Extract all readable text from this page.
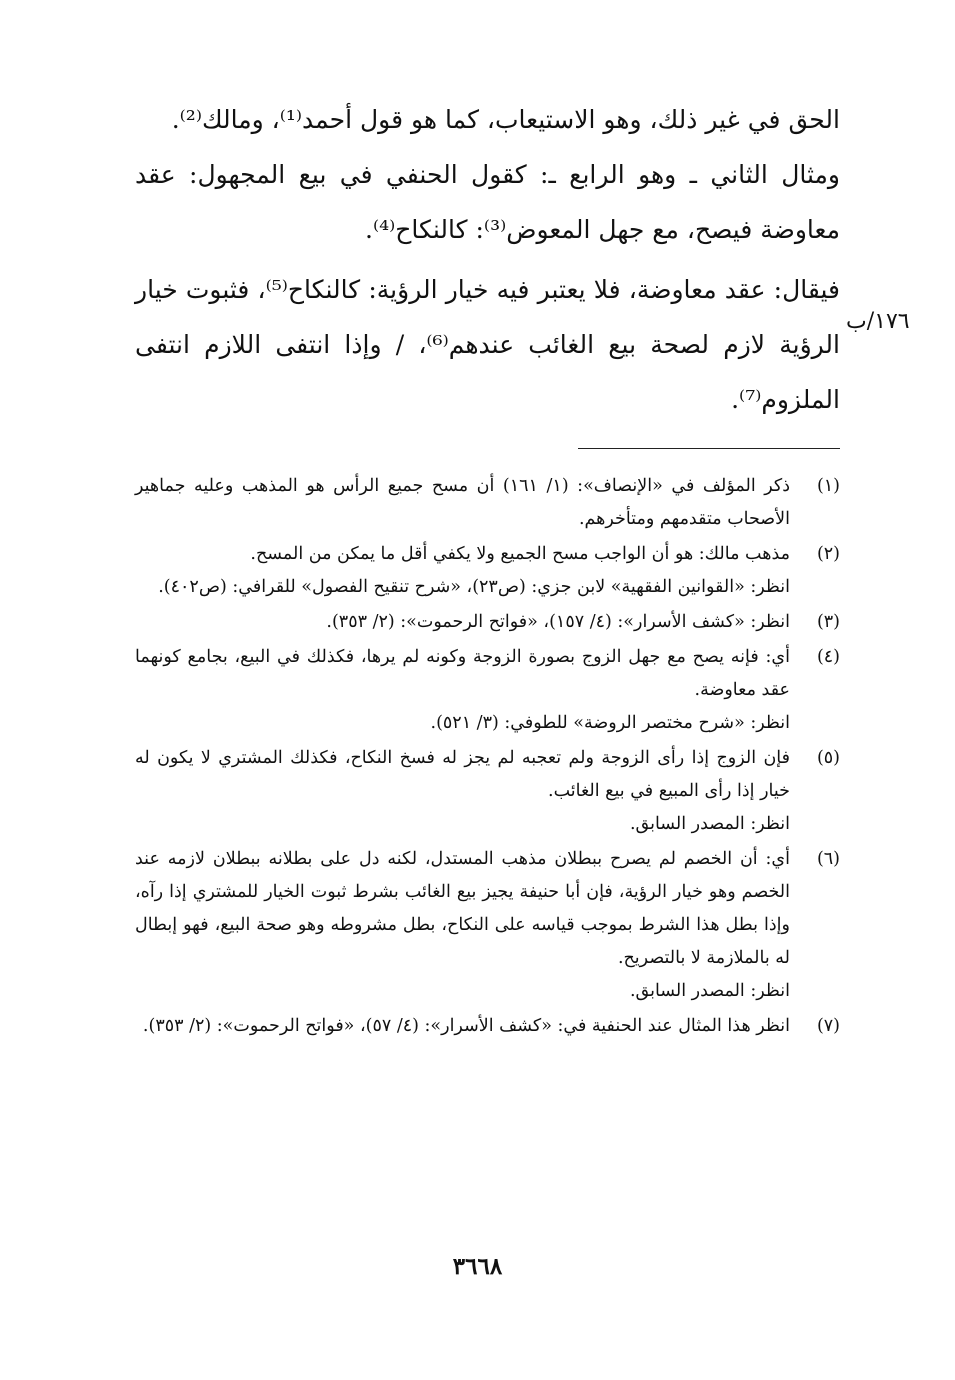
الحق في غير ذلك، وهو الاستيعاب، كما هو قول أحمد⁽¹⁾، ومالك⁽²⁾.

ومثال الثاني ـ وهو الرابع ـ: كقول الحنفي في بيع المجهول: عقد معاوضة فيصح، مع جهل المعوض⁽³⁾: كالنكاح⁽⁴⁾.

فيقال: عقد معاوضة، فلا يعتبر فيه خيار الرؤية: كالنكاح⁽⁵⁾، فثبوت خيار الرؤية لازم لصحة بيع الغائب عندهم⁽⁶⁾، / وإذا انتفى اللازم انتفى الملزوم⁽⁷⁾.

١٧٦/ب
(١)

ذكر المؤلف في «الإنصاف»: (١/ ١٦١) أن مسح جميع الرأس هو المذهب وعليه جماهير الأصحاب متقدمهم ومتأخرهم.

(٢)

مذهب مالك: هو أن الواجب مسح الجميع ولا يكفي أقل ما يمكن من المسح.

انظر: «القوانين الفقهية» لابن جزي: (ص٢٣)، «شرح تنقيح الفصول» للقرافي: (ص٤٠٢).

(٣)

انظر: «كشف الأسرار»: (٤/ ١٥٧)، «فواتح الرحموت»: (٢/ ٣٥٣).

(٤)

أي: فإنه يصح مع جهل الزوج بصورة الزوجة وكونه لم يرها، فكذلك في البيع، بجامع كونهما عقد معاوضة.

انظر: «شرح مختصر الروضة» للطوفي: (٣/ ٥٢١).

(٥)

فإن الزوج إذا رأى الزوجة ولم تعجبه لم يجز له فسخ النكاح، فكذلك المشتري لا يكون له خيار إذا رأى المبيع في بيع الغائب.

انظر: المصدر السابق.

(٦)

أي: أن الخصم لم يصرح ببطلان مذهب المستدل، لكنه دل على بطلانه ببطلان لازمه عند الخصم وهو خيار الرؤية، فإن أبا حنيفة يجيز بيع الغائب بشرط ثبوت الخيار للمشتري إذا رآه، وإذا بطل هذا الشرط بموجب قياسه على النكاح، بطل مشروطه وهو صحة البيع، فهو إبطال له بالملازمة لا بالتصريح.

انظر: المصدر السابق.

(٧)

انظر هذا المثال عند الحنفية في: «كشف الأسرار»: (٤/ ٥٧)، «فواتح الرحموت»: (٢/ ٣٥٣).

٣٦٦٨
